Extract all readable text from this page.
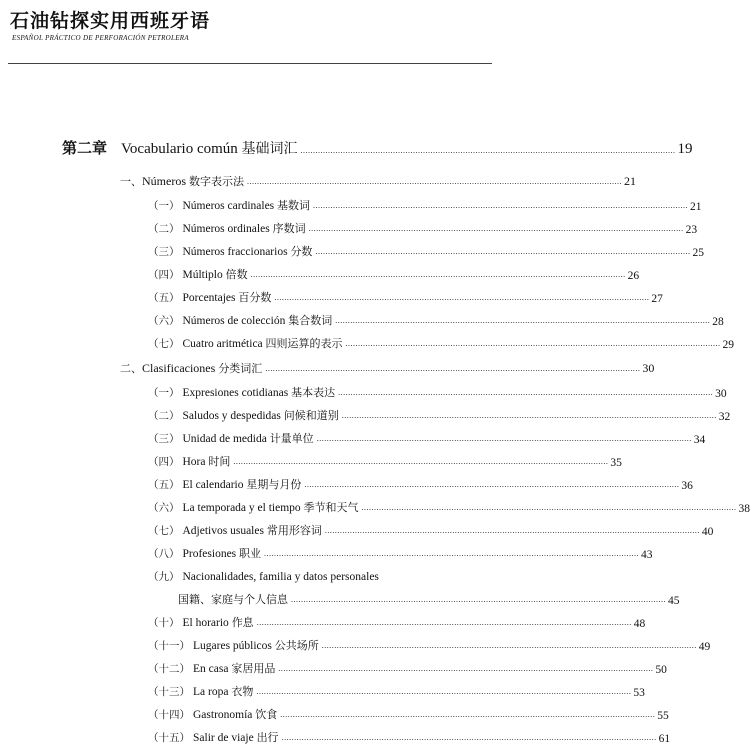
石油钻探实用西班牙语
ESPAÑOL PRÁCTICO DE PERFORACIÓN PETROLERA
第二章 Vocabulario común 基础词汇 ...................................................................................................................................................... 19
一、Números 数字表示法 ...................................................................................................................................................... 21
（一） Números cardinales 基数词 ...................................................................................................................................................... 21
（二） Números ordinales 序数词 ...................................................................................................................................................... 23
（三） Números fraccionarios 分数 ...................................................................................................................................................... 25
（四） Múltiplo 倍数 ...................................................................................................................................................... 26
（五） Porcentajes 百分数 ...................................................................................................................................................... 27
（六） Números de colección 集合数词 ...................................................................................................................................................... 28
（七） Cuatro aritmética 四则运算的表示 ...................................................................................................................................................... 29
二、Clasificaciones 分类词汇 ...................................................................................................................................................... 30
（一） Expresiones cotidianas 基本表达 ...................................................................................................................................................... 30
（二） Saludos y despedidas 问候和道别 ...................................................................................................................................................... 32
（三） Unidad de medida 计量单位 ...................................................................................................................................................... 34
（四） Hora 时间 ...................................................................................................................................................... 35
（五） El calendario 星期与月份 ...................................................................................................................................................... 36
（六） La temporada y el tiempo 季节和天气 ...................................................................................................................................................... 38
（七） Adjetivos usuales 常用形容词 ...................................................................................................................................................... 40
（八） Profesiones 职业 ...................................................................................................................................................... 43
（九） Nacionalidades, familia y datos personales
国籍、家庭与个人信息 ...................................................................................................................................................... 45
（十） El horario 作息 ...................................................................................................................................................... 48
（十一） Lugares públicos 公共场所 ...................................................................................................................................................... 49
（十二） En casa 家居用品 ...................................................................................................................................................... 50
（十三） La ropa 衣物 ...................................................................................................................................................... 53
（十四） Gastronomía 饮食 ...................................................................................................................................................... 55
（十五） Salir de viaje 出行 ...................................................................................................................................................... 61
